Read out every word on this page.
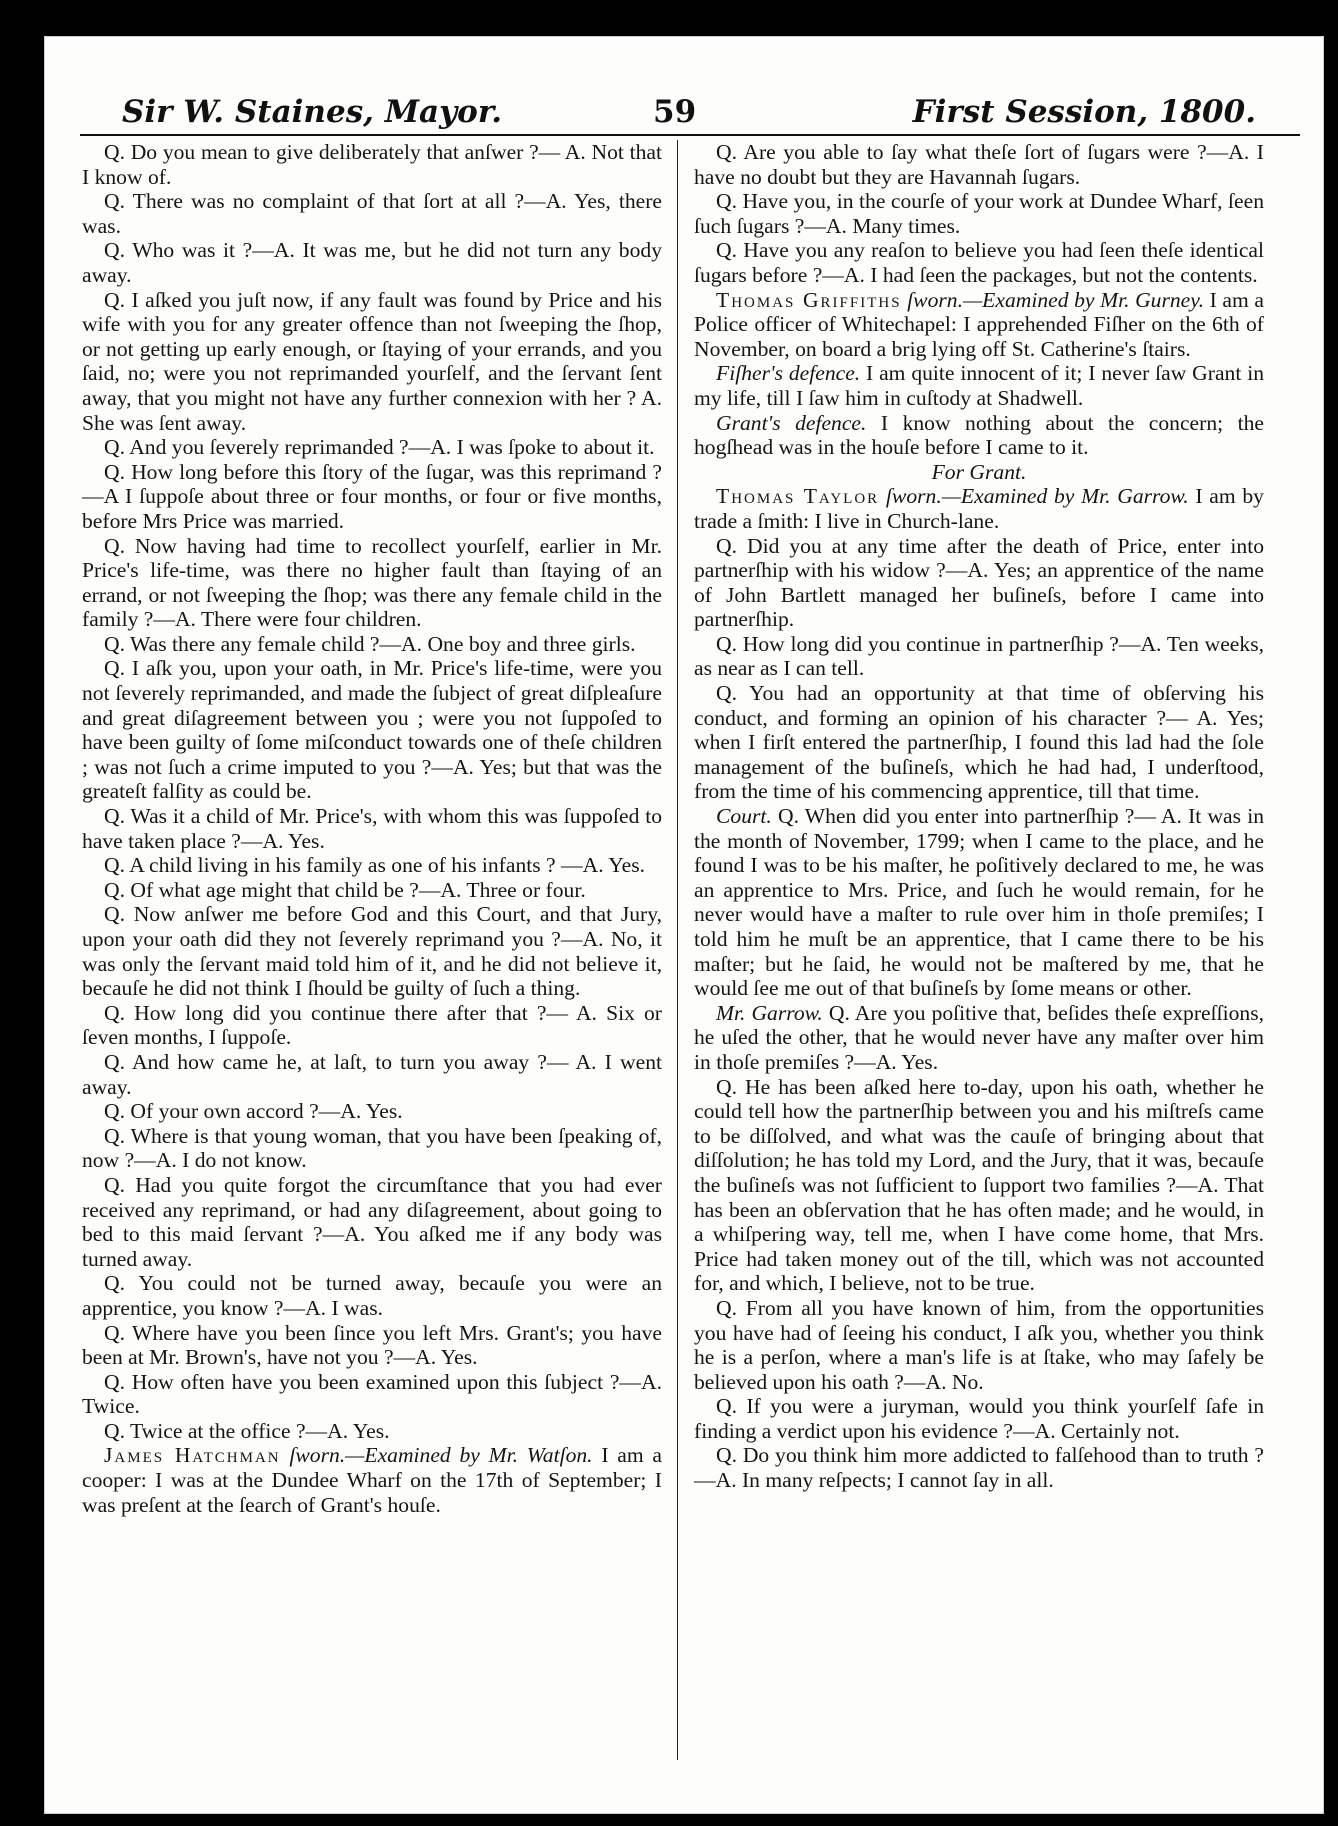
Sir W. Staines, Mayor.	59	First Session, 1800.

Q. Do you mean to give deliberately that anſwer ?— A. Not that I know of.

Q. There was no complaint of that ſort at all ?—A. Yes, there was.

Q. Who was it ?—A. It was me, but he did not turn any body away.

Q. I aſked you juſt now, if any fault was found by Price and his wife with you for any greater offence than not ſweeping the ſhop, or not getting up early enough, or ſtaying of your errands, and you ſaid, no; were you not reprimanded yourſelf, and the ſervant ſent away, that you might not have any further connexion with her ? A. She was ſent away.

Q. And you ſeverely reprimanded ?—A. I was ſpoke to about it.

Q. How long before this ſtory of the ſugar, was this reprimand ?—A I ſuppoſe about three or four months, or four or five months, before Mrs Price was married.

Q. Now having had time to recollect yourſelf, earlier in Mr. Price's life-time, was there no higher fault than ſtaying of an errand, or not ſweeping the ſhop; was there any female child in the family ?—A. There were four children.

Q. Was there any female child ?—A. One boy and three girls.

Q. I aſk you, upon your oath, in Mr. Price's life-time, were you not ſeverely reprimanded, and made the ſubject of great diſpleaſure and great diſagreement between you ; were you not ſuppoſed to have been guilty of ſome miſconduct towards one of theſe children ; was not ſuch a crime imputed to you ?—A. Yes; but that was the greateſt falſity as could be.

Q. Was it a child of Mr. Price's, with whom this was ſuppoſed to have taken place ?—A. Yes.

Q. A child living in his family as one of his infants ? —A. Yes.

Q. Of what age might that child be ?—A. Three or four.

Q. Now anſwer me before God and this Court, and that Jury, upon your oath did they not ſeverely reprimand you ?—A. No, it was only the ſervant maid told him of it, and he did not believe it, becauſe he did not think I ſhould be guilty of ſuch a thing.

Q. How long did you continue there after that ?— A. Six or ſeven months, I ſuppoſe.

Q. And how came he, at laſt, to turn you away ?— A. I went away.

Q. Of your own accord ?—A. Yes.

Q. Where is that young woman, that you have been ſpeaking of, now ?—A. I do not know.

Q. Had you quite forgot the circumſtance that you had ever received any reprimand, or had any diſagreement, about going to bed to this maid ſervant ?—A. You aſked me if any body was turned away.

Q. You could not be turned away, becauſe you were an apprentice, you know ?—A. I was.

Q. Where have you been ſince you left Mrs. Grant's; you have been at Mr. Brown's, have not you ?—A. Yes.

Q. How often have you been examined upon this ſubject ?—A. Twice.

Q. Twice at the office ?—A. Yes.

James Hatchman ſworn.—Examined by Mr. Watſon. I am a cooper: I was at the Dundee Wharf on the 17th of September; I was preſent at the ſearch of Grant's houſe.

Q. Are you able to ſay what theſe ſort of ſugars were ?—A. I have no doubt but they are Havannah ſugars.

Q. Have you, in the courſe of your work at Dundee Wharf, ſeen ſuch ſugars ?—A. Many times.

Q. Have you any reaſon to believe you had ſeen theſe identical ſugars before ?—A. I had ſeen the packages, but not the contents.

Thomas Griffiths ſworn.—Examined by Mr. Gurney. I am a Police officer of Whitechapel: I apprehended Fiſher on the 6th of November, on board a brig lying off St. Catherine's ſtairs.

Fiſher's defence. I am quite innocent of it; I never ſaw Grant in my life, till I ſaw him in cuſtody at Shadwell.

Grant's defence. I know nothing about the concern; the hogſhead was in the houſe before I came to it.

For Grant.

Thomas Taylor ſworn.—Examined by Mr. Garrow. I am by trade a ſmith: I live in Church-lane.

Q. Did you at any time after the death of Price, enter into partnerſhip with his widow ?—A. Yes; an apprentice of the name of John Bartlett managed her buſineſs, before I came into partnerſhip.

Q. How long did you continue in partnerſhip ?—A. Ten weeks, as near as I can tell.

Q. You had an opportunity at that time of obſerving his conduct, and forming an opinion of his character ?— A. Yes; when I firſt entered the partnerſhip, I found this lad had the ſole management of the buſineſs, which he had had, I underſtood, from the time of his commencing apprentice, till that time.

Court. Q. When did you enter into partnerſhip ?— A. It was in the month of November, 1799; when I came to the place, and he found I was to be his maſter, he poſitively declared to me, he was an apprentice to Mrs. Price, and ſuch he would remain, for he never would have a maſter to rule over him in thoſe premiſes; I told him he muſt be an apprentice, that I came there to be his maſter; but he ſaid, he would not be maſtered by me, that he would ſee me out of that buſineſs by ſome means or other.

Mr. Garrow. Q. Are you poſitive that, beſides theſe expreſſions, he uſed the other, that he would never have any maſter over him in thoſe premiſes ?—A. Yes.

Q. He has been aſked here to-day, upon his oath, whether he could tell how the partnerſhip between you and his miſtreſs came to be diſſolved, and what was the cauſe of bringing about that diſſolution; he has told my Lord, and the Jury, that it was, becauſe the buſineſs was not ſufficient to ſupport two families ?—A. That has been an obſervation that he has often made; and he would, in a whiſpering way, tell me, when I have come home, that Mrs. Price had taken money out of the till, which was not accounted for, and which, I believe, not to be true.

Q. From all you have known of him, from the opportunities you have had of ſeeing his conduct, I aſk you, whether you think he is a perſon, where a man's life is at ſtake, who may ſafely be believed upon his oath ?—A. No.

Q. If you were a juryman, would you think yourſelf ſafe in finding a verdict upon his evidence ?—A. Certainly not.

Q. Do you think him more addicted to falſehood than to truth ?—A. In many reſpects; I cannot ſay in all.
